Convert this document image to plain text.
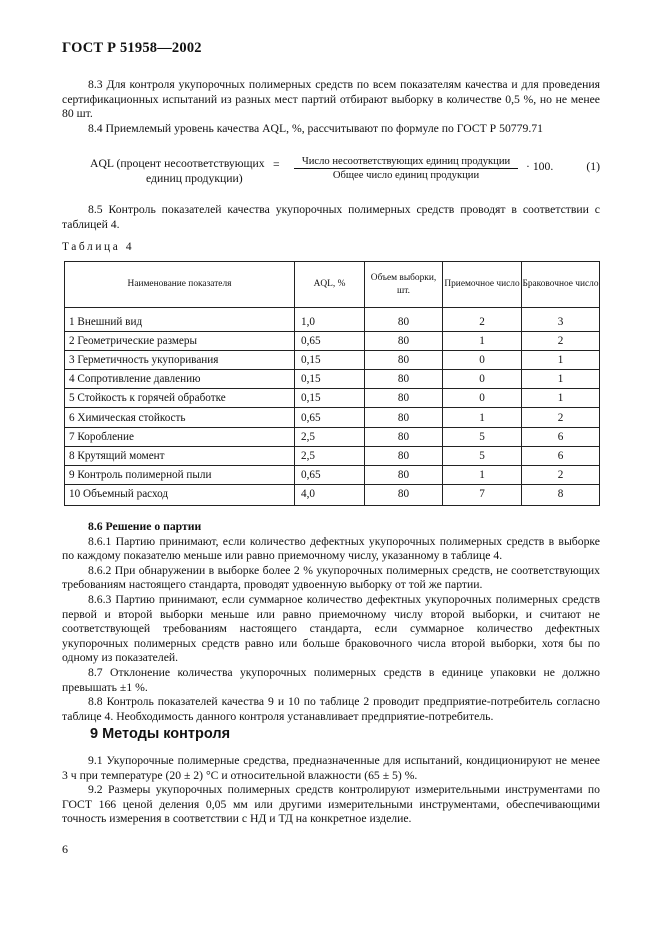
ГОСТ Р 51958—2002

8.3 Для контроля укупорочных полимерных средств по всем показателям качества и для проведения сертификационных испытаний из разных мест партий отбирают выборку в количестве 0,5 %, но не менее 80 шт.

8.4 Приемлемый уровень качества AQL, %, рассчитывают по формуле по ГОСТ Р 50779.71

AQL (процент несоответствующих
единиц продукции)
=	Число несоответствующих единиц продукции
Общее число единиц продукции
· 100.	(1)

8.5 Контроль показателей качества укупорочных полимерных средств проводят в соответствии с таблицей 4.

Таблица 4
Наименование показателя	AQL, %	Объем выборки, шт.	Приемочное число	Браковочное число
1 Внешний вид	1,0	80	2	3
2 Геометрические размеры	0,65	80	1	2
3 Герметичность укупоривания	0,15	80	0	1
4 Сопротивление давлению	0,15	80	0	1
5 Стойкость к горячей обработке	0,15	80	0	1
6 Химическая стойкость	0,65	80	1	2
7 Коробление	2,5	80	5	6
8 Крутящий момент	2,5	80	5	6
9 Контроль полимерной пыли	0,65	80	1	2
10 Объемный расход	4,0	80	7	8

8.6 Решение о партии

8.6.1 Партию принимают, если количество дефектных укупорочных полимерных средств в выборке по каждому показателю меньше или равно приемочному числу, указанному в таблице 4.

8.6.2 При обнаружении в выборке более 2 % укупорочных полимерных средств, не соответствующих требованиям настоящего стандарта, проводят удвоенную выборку от той же партии.

8.6.3 Партию принимают, если суммарное количество дефектных укупорочных полимерных средств первой и второй выборки меньше или равно приемочному числу второй выборки, и считают не соответствующей требованиям настоящего стандарта, если суммарное количество дефектных укупорочных полимерных средств равно или больше браковочного числа второй выборки, хотя бы по одному из показателей.

8.7 Отклонение количества укупорочных полимерных средств в единице упаковки не должно превышать ±1 %.

8.8 Контроль показателей качества 9 и 10 по таблице 2 проводит предприятие-потребитель согласно таблице 4. Необходимость данного контроля устанавливает предприятие-потребитель.

9 Методы контроля

9.1 Укупорочные полимерные средства, предназначенные для испытаний, кондиционируют не менее 3 ч при температуре (20 ± 2) °С и относительной влажности (65 ± 5) %.

9.2 Размеры укупорочных полимерных средств контролируют измерительными инструментами по ГОСТ 166 ценой деления 0,05 мм или другими измерительными инструментами, обеспечивающими точность измерения в соответствии с НД и ТД на конкретное изделие.

6
